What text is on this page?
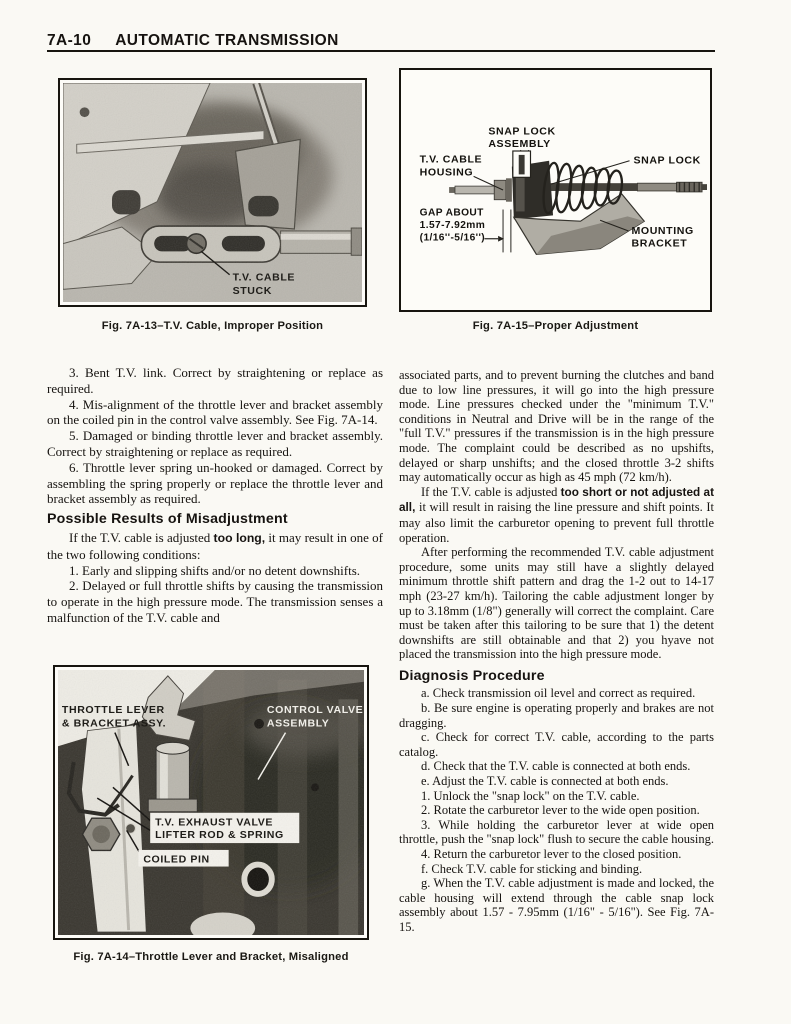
7A-10 AUTOMATIC TRANSMISSION
T.V. CABLE
STUCK
Fig. 7A-13–T.V. Cable, Improper Position
SNAP LOCK
ASSEMBLY
T.V. CABLE
HOUSING
SNAP LOCK
GAP ABOUT
1.57-7.92mm
(1/16''-5/16'')
MOUNTING
BRACKET
Fig. 7A-15–Proper Adjustment

3. Bent T.V. link. Correct by straightening or replace as required.

4. Mis-alignment of the throttle lever and bracket assembly on the coiled pin in the control valve assembly. See Fig. 7A-14.

5. Damaged or binding throttle lever and bracket assembly. Correct by straightening or replace as required.

6. Throttle lever spring un-hooked or damaged. Correct by assembling the spring properly or replace the throttle lever and bracket assembly as required.

Possible Results of Misadjustment

If the T.V. cable is adjusted too long, it may result in one of the two following conditions:

1. Early and slipping shifts and/or no detent downshifts.

2. Delayed or full throttle shifts by causing the transmission to operate in the high pressure mode. The transmission senses a malfunction of the T.V. cable and

associated parts, and to prevent burning the clutches and band due to low line pressures, it will go into the high pressure mode. Line pressures checked under the "minimum T.V." conditions in Neutral and Drive will be in the range of the "full T.V." pressures if the transmission is in the high pressure mode. The complaint could be described as no upshifts, delayed or sharp unshifts; and the closed throttle 3-2 shifts may automatically occur as high as 45 mph (72 km/h).

If the T.V. cable is adjusted too short or not adjusted at all, it will result in raising the line pressure and shift points. It may also limit the carburetor opening to prevent full throttle operation.

After performing the recommended T.V. cable adjustment procedure, some units may still have a slightly delayed minimum throttle shift pattern and drag the 1-2 out to 14-17 mph (23-27 km/h). Tailoring the cable adjustment longer by up to 3.18mm (1/8") generally will correct the complaint. Care must be taken after this tailoring to be sure that 1) the detent downshifts are still obtainable and that 2) you hyave not placed the transmission into the high pressure mode.

Diagnosis Procedure

a. Check transmission oil level and correct as required.

b. Be sure engine is operating properly and brakes are not dragging.

c. Check for correct T.V. cable, according to the parts catalog.

d. Check that the T.V. cable is connected at both ends.

e. Adjust the T.V. cable is connected at both ends.

1. Unlock the "snap lock" on the T.V. cable.

2. Rotate the carburetor lever to the wide open position.

3. While holding the carburetor lever at wide open throttle, push the "snap lock" flush to secure the cable housing.

4. Return the carburetor lever to the closed position.

f. Check T.V. cable for sticking and binding.

g. When the T.V. cable adjustment is made and locked, the cable housing will extend through the cable snap lock assembly about 1.57 - 7.95mm (1/16" - 5/16"). See Fig. 7A-15.

THROTTLE LEVER
& BRACKET ASSY.
CONTROL VALVE
ASSEMBLY
T.V. EXHAUST VALVE
LIFTER ROD & SPRING
COILED PIN
Fig. 7A-14–Throttle Lever and Bracket, Misaligned
